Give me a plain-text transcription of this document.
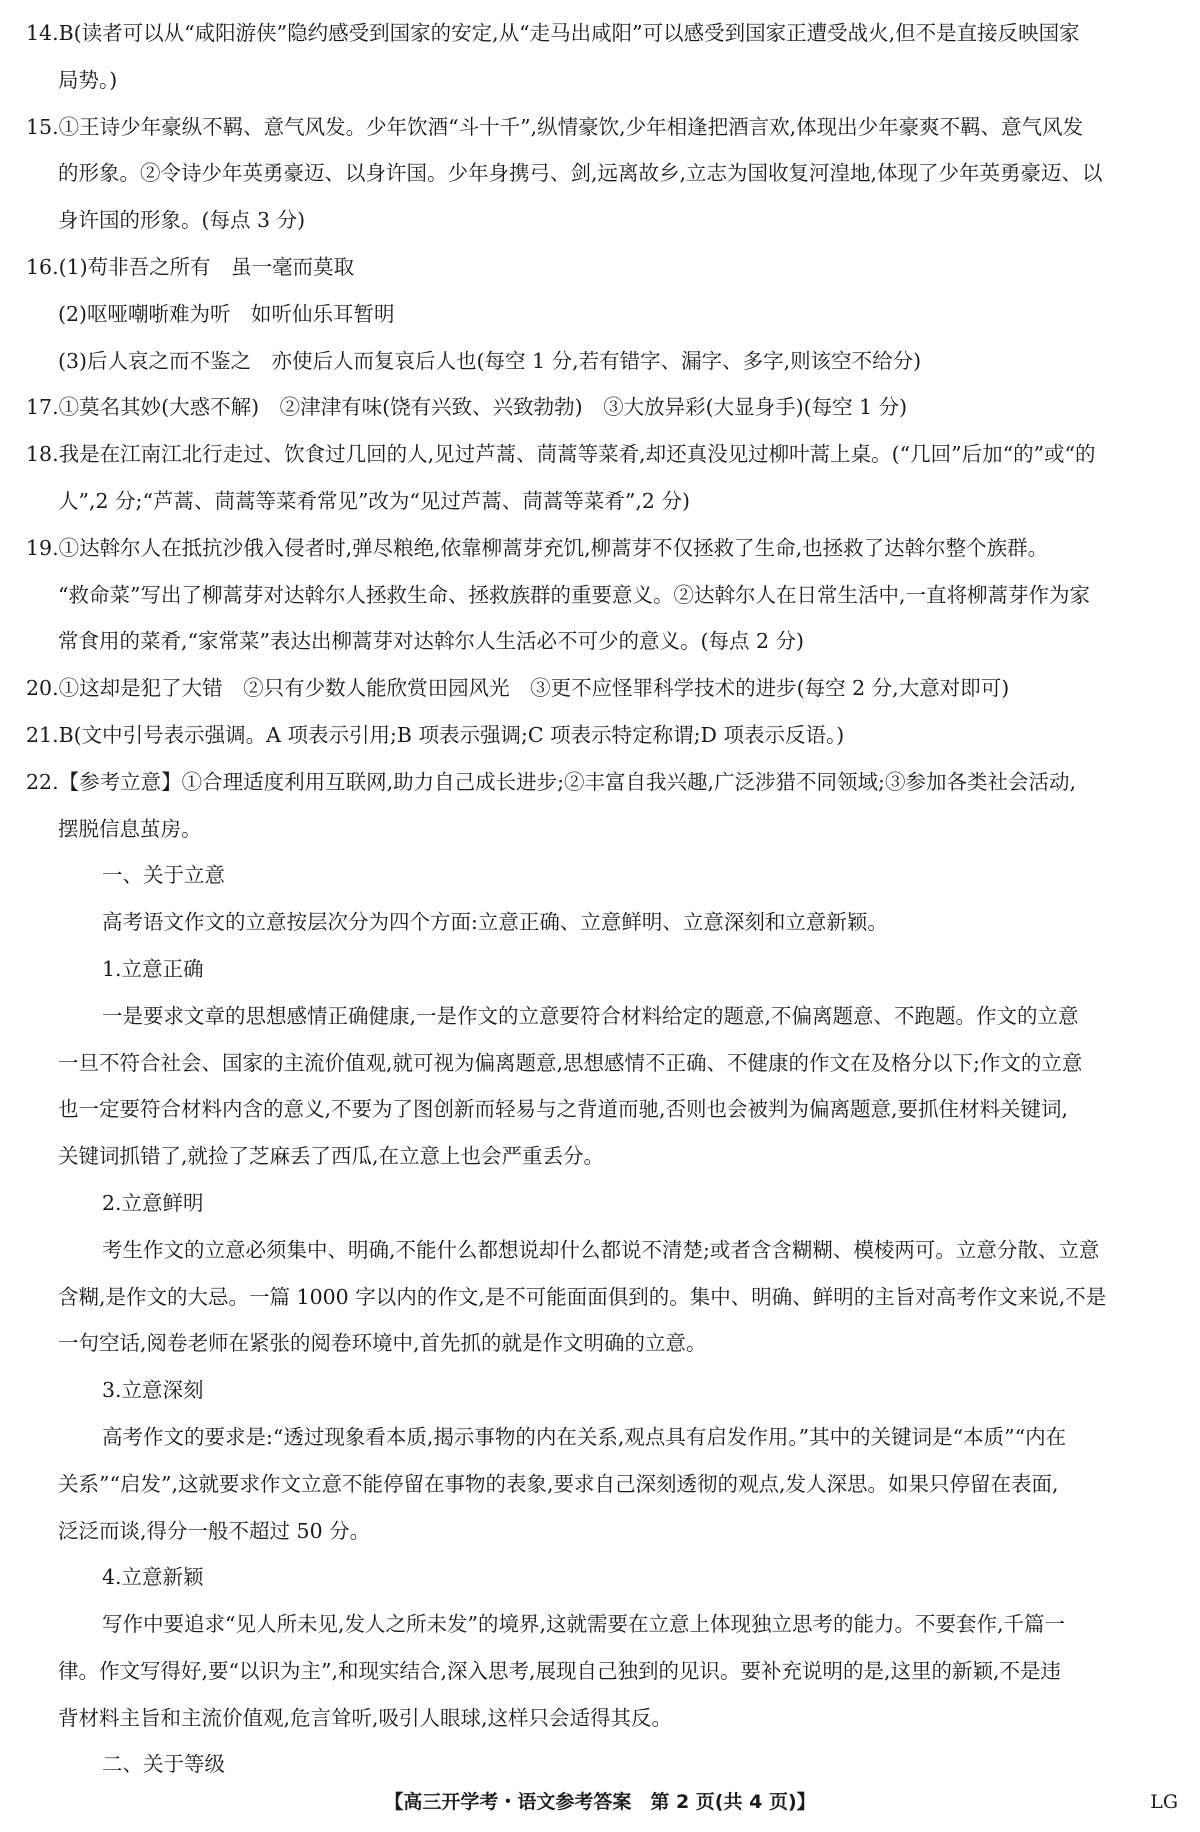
14.B(读者可以从“咸阳游侠”隐约感受到国家的安定,从“走马出咸阳”可以感受到国家正遭受战火,但不是直接反映国家
局势。)
15.①王诗少年豪纵不羁、意气风发。少年饮酒“斗十千”,纵情豪饮,少年相逢把酒言欢,体现出少年豪爽不羁、意气风发
的形象。②令诗少年英勇豪迈、以身许国。少年身携弓、剑,远离故乡,立志为国收复河湟地,体现了少年英勇豪迈、以
身许国的形象。(每点 3 分)
16.(1)苟非吾之所有　虽一毫而莫取
(2)呕哑嘲哳难为听　如听仙乐耳暂明
(3)后人哀之而不鉴之　亦使后人而复哀后人也(每空 1 分,若有错字、漏字、多字,则该空不给分)
17.①莫名其妙(大惑不解)　②津津有味(饶有兴致、兴致勃勃)　③大放异彩(大显身手)(每空 1 分)
18.我是在江南江北行走过、饮食过几回的人,见过芦蒿、茼蒿等菜肴,却还真没见过柳叶蒿上桌。(“几回”后加“的”或“的
人”,2 分;“芦蒿、茼蒿等菜肴常见”改为“见过芦蒿、茼蒿等菜肴”,2 分)
19.①达斡尔人在抵抗沙俄入侵者时,弹尽粮绝,依靠柳蒿芽充饥,柳蒿芽不仅拯救了生命,也拯救了达斡尔整个族群。
“救命菜”写出了柳蒿芽对达斡尔人拯救生命、拯救族群的重要意义。②达斡尔人在日常生活中,一直将柳蒿芽作为家
常食用的菜肴,“家常菜”表达出柳蒿芽对达斡尔人生活必不可少的意义。(每点 2 分)
20.①这却是犯了大错　②只有少数人能欣赏田园风光　③更不应怪罪科学技术的进步(每空 2 分,大意对即可)
21.B(文中引号表示强调。A 项表示引用;B 项表示强调;C 项表示特定称谓;D 项表示反语。)
22.【参考立意】①合理适度利用互联网,助力自己成长进步;②丰富自我兴趣,广泛涉猎不同领域;③参加各类社会活动,
摆脱信息茧房。
一、关于立意
高考语文作文的立意按层次分为四个方面:立意正确、立意鲜明、立意深刻和立意新颖。
1.立意正确
一是要求文章的思想感情正确健康,一是作文的立意要符合材料给定的题意,不偏离题意、不跑题。作文的立意
一旦不符合社会、国家的主流价值观,就可视为偏离题意,思想感情不正确、不健康的作文在及格分以下;作文的立意
也一定要符合材料内含的意义,不要为了图创新而轻易与之背道而驰,否则也会被判为偏离题意,要抓住材料关键词,
关键词抓错了,就捡了芝麻丢了西瓜,在立意上也会严重丢分。
2.立意鲜明
考生作文的立意必须集中、明确,不能什么都想说却什么都说不清楚;或者含含糊糊、模棱两可。立意分散、立意
含糊,是作文的大忌。一篇 1000 字以内的作文,是不可能面面俱到的。集中、明确、鲜明的主旨对高考作文来说,不是
一句空话,阅卷老师在紧张的阅卷环境中,首先抓的就是作文明确的立意。
3.立意深刻
高考作文的要求是:“透过现象看本质,揭示事物的内在关系,观点具有启发作用。”其中的关键词是“本质”“内在
关系”“启发”,这就要求作文立意不能停留在事物的表象,要求自己深刻透彻的观点,发人深思。如果只停留在表面,
泛泛而谈,得分一般不超过 50 分。
4.立意新颖
写作中要追求“见人所未见,发人之所未发”的境界,这就需要在立意上体现独立思考的能力。不要套作,千篇一
律。作文写得好,要“以识为主”,和现实结合,深入思考,展现自己独到的见识。要补充说明的是,这里的新颖,不是违
背材料主旨和主流价值观,危言耸听,吸引人眼球,这样只会适得其反。
二、关于等级
【高三开学考・语文参考答案　第 2 页(共 4 页)】	LG
